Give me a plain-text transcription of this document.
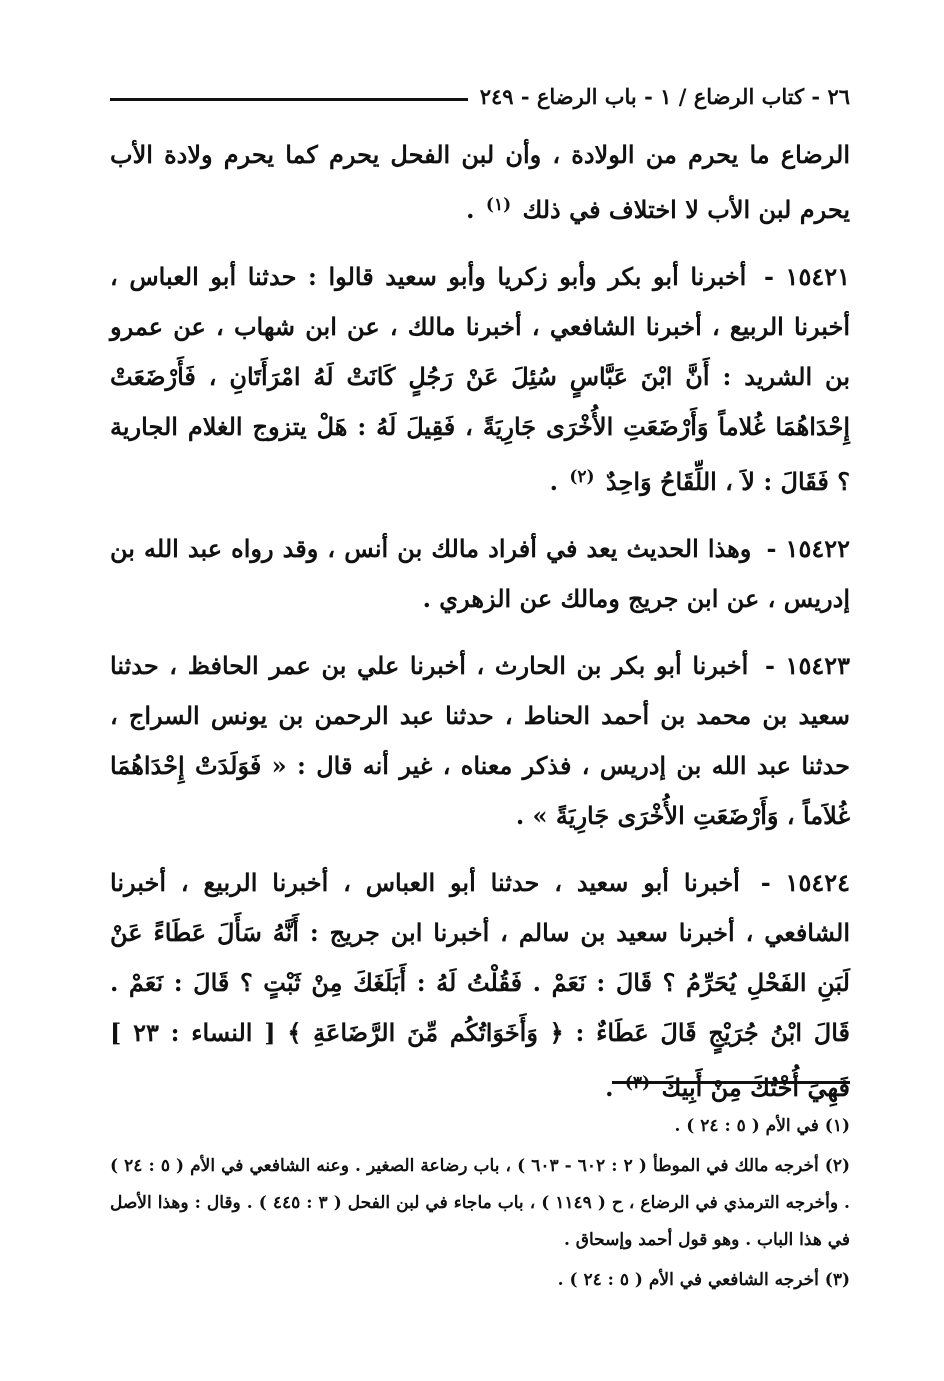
٢٦ - كتاب الرضاع / ١ - باب الرضاع - ٢٤٩

الرضاع ما يحرم من الولادة ، وأن لبن الفحل يحرم كما يحرم ولادة الأب يحرم لبن الأب لا اختلاف في ذلك $^{(١)}$ .

١٥٤٢١ - أخبرنا أبو بكر وأبو زكريا وأبو سعيد قالوا : حدثنا أبو العباس ، أخبرنا الربيع ، أخبرنا الشافعي ، أخبرنا مالك ، عن ابن شهاب ، عن عمرو بن الشريد : أَنَّ ابْنَ عَبَّاسٍ سُئِلَ عَنْ رَجُلٍ كَانَتْ لَهُ امْرَأَتَانِ ، فَأَرْضَعَتْ إِحْدَاهُمَا غُلاماً وَأَرْضَعَتِ الأُخْرَى جَارِيَةً ، فَقِيلَ لَهُ : هَلْ يتزوج الغلام الجارية ؟ فَقَالَ : لاَ ، اللِّقَاحُ وَاحِدٌ $^{(٢)}$ .

١٥٤٢٢ - وهذا الحديث يعد في أفراد مالك بن أنس ، وقد رواه عبد الله بن إدريس ، عن ابن جريج ومالك عن الزهري .

١٥٤٢٣ - أخبرنا أبو بكر بن الحارث ، أخبرنا علي بن عمر الحافظ ، حدثنا سعيد بن محمد بن أحمد الحناط ، حدثنا عبد الرحمن بن يونس السراج ، حدثنا عبد الله بن إدريس ، فذكر معناه ، غير أنه قال : « فَوَلَدَتْ إِحْدَاهُمَا غُلاَماً ، وَأَرْضَعَتِ الأُخْرَى جَارِيَةً » .

١٥٤٢٤ - أخبرنا أبو سعيد ، حدثنا أبو العباس ، أخبرنا الربيع ، أخبرنا الشافعي ، أخبرنا سعيد بن سالم ، أخبرنا ابن جريج : أَنَّهُ سَأَلَ عَطَاءً عَنْ لَبَنِ الفَحْلِ يُحَرِّمُ ؟ قَالَ : نَعَمْ . فَقُلْتُ لَهُ : أَبَلَغَكَ مِنْ ثَبْتٍ ؟ قَالَ : نَعَمْ . قَالَ ابْنُ جُرَيْجٍ قَالَ عَطَاءٌ : ﴿ وَأَخَوَاتُكُم مِّنَ الرَّضَاعَةِ ﴾ [ النساء : ٢٣ ] فَهِيَ أُخْتُكَ مِنْ أَبِيكَ $^{(٣)}$ .

(١) في الأم ( ٥ : ٢٤ ) .

(٢) أخرجه مالك في الموطأ ( ٢ : ٦٠٢ - ٦٠٣ ) ، باب رضاعة الصغير . وعنه الشافعي في الأم ( ٥ : ٢٤ ) . وأخرجه الترمذي في الرضاع ، ح ( ١١٤٩ ) ، باب ماجاء في لبن الفحل ( ٣ : ٤٤٥ ) . وقال : وهذا الأصل في هذا الباب . وهو قول أحمد وإسحاق .

(٣) أخرجه الشافعي في الأم ( ٥ : ٢٤ ) .
